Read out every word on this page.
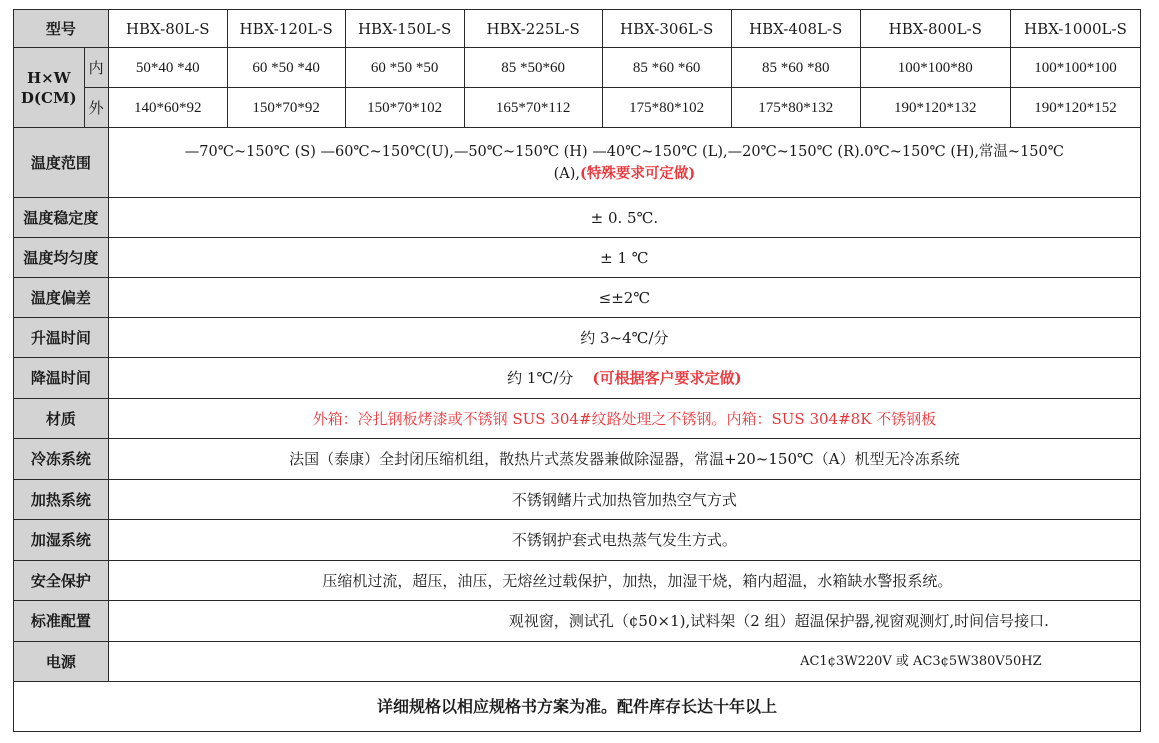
型号		HBX-80L-S	HBX-120L-S	HBX-150L-S	HBX-225L-S	HBX-306L-S	HBX-408L-S	HBX-800L-S	HBX-1000L-S

H×W
D(CM)	内	50*40 *40	60 *50 *40	60 *50 *50	85 *50*60	85 *60 *60	85 *60 *80	100*100*80	100*100*100
	外	140*60*92	150*70*92	150*70*102	165*70*112	175*80*102	175*80*132	190*120*132	190*120*152
温度范围		—70℃~150℃ (S) —60℃~150℃(U),—50℃~150℃ (H) —40℃~150℃ (L),—20℃~150℃ (R).0℃~150℃ (H),常温~150℃
(A),(特殊要求可定做)							

温度稳定度		± 0. 5℃.							
温度均匀度		± 1 ℃							
温度偏差		≤±2℃							
升温时间		约 3~4℃/分							
降温时间		约 1℃/分 (可根据客户要求定做)							
材质		外箱：冷扎钢板烤漆或不锈钢 SUS 304#纹路处理之不锈钢。内箱：SUS 304#8K 不锈钢板							
冷冻系统		法国（泰康）全封闭压缩机组，散热片式蒸发器兼做除湿器，常温+20~150℃（A）机型无冷冻系统							
加热系统		不锈钢鳍片式加热管加热空气方式							
加湿系统		不锈钢护套式电热蒸气发生方式。							
安全保护		压缩机过流，超压，油压，无熔丝过载保护，加热，加湿干烧，箱内超温，水箱缺水警报系统。							
标准配置		观视窗，测试孔（¢50×1),试料架（2 组）超温保护器,视窗观测灯,时间信号接口.							
电源		AC1¢3W220V 或 AC3¢5W380V50HZ							
详细规格以相应规格书方案为准。配件库存长达十年以上									
